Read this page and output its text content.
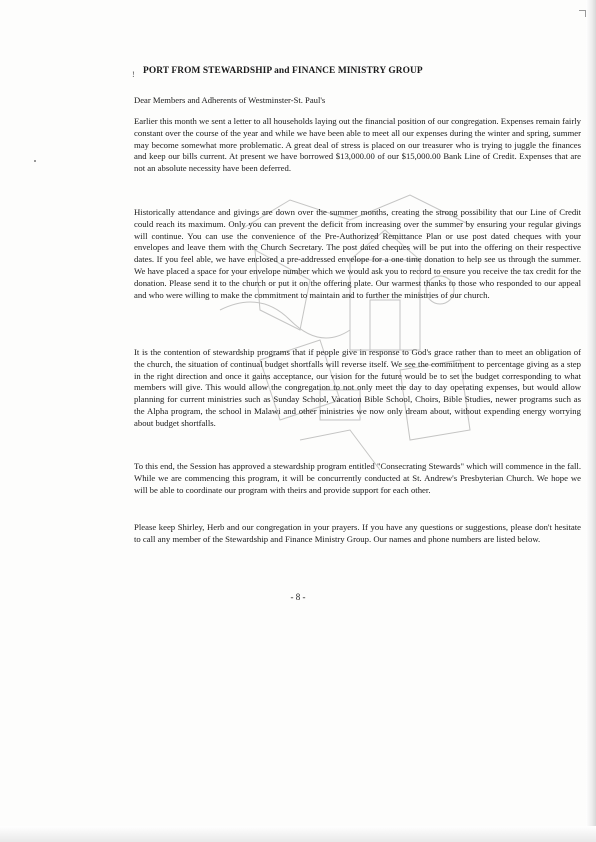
! PORT FROM STEWARDSHIP and FINANCE MINISTRY GROUP
Dear Members and Adherents of Westminster-St. Paul's

Earlier this month we sent a letter to all households laying out the financial position of our congregation. Expenses remain fairly constant over the course of the year and while we have been able to meet all our expenses during the winter and spring, summer may become somewhat more problematic. A great deal of stress is placed on our treasurer who is trying to juggle the finances and keep our bills current. At present we have borrowed $13,000.00 of our $15,000.00 Bank Line of Credit. Expenses that are not an absolute necessity have been deferred.

Historically attendance and givings are down over the summer months, creating the strong possibility that our Line of Credit could reach its maximum. Only you can prevent the deficit from increasing over the summer by ensuring your regular givings will continue. You can use the convenience of the Pre-Authorized Remittance Plan or use post dated cheques with your envelopes and leave them with the Church Secretary. The post dated cheques will be put into the offering on their respective dates. If you feel able, we have enclosed a pre-addressed envelope for a one time donation to help see us through the summer. We have placed a space for your envelope number which we would ask you to record to ensure you receive the tax credit for the donation. Please send it to the church or put it on the offering plate. Our warmest thanks to those who responded to our appeal and who were willing to make the commitment to maintain and to further the ministries of our church.

It is the contention of stewardship programs that if people give in response to God's grace rather than to meet an obligation of the church, the situation of continual budget shortfalls will reverse itself. We see the commitment to percentage giving as a step in the right direction and once it gains acceptance, our vision for the future would be to set the budget corresponding to what members will give. This would allow the congregation to not only meet the day to day operating expenses, but would allow planning for current ministries such as Sunday School, Vacation Bible School, Choirs, Bible Studies, newer programs such as the Alpha program, the school in Malawi and other ministries we now only dream about, without expending energy worrying about budget shortfalls.

To this end, the Session has approved a stewardship program entitled "Consecrating Stewards" which will commence in the fall. While we are commencing this program, it will be concurrently conducted at St. Andrew's Presbyterian Church. We hope we will be able to coordinate our program with theirs and provide support for each other.

Please keep Shirley, Herb and our congregation in your prayers. If you have any questions or suggestions, please don't hesitate to call any member of the Stewardship and Finance Ministry Group. Our names and phone numbers are listed below.

- 8 -
